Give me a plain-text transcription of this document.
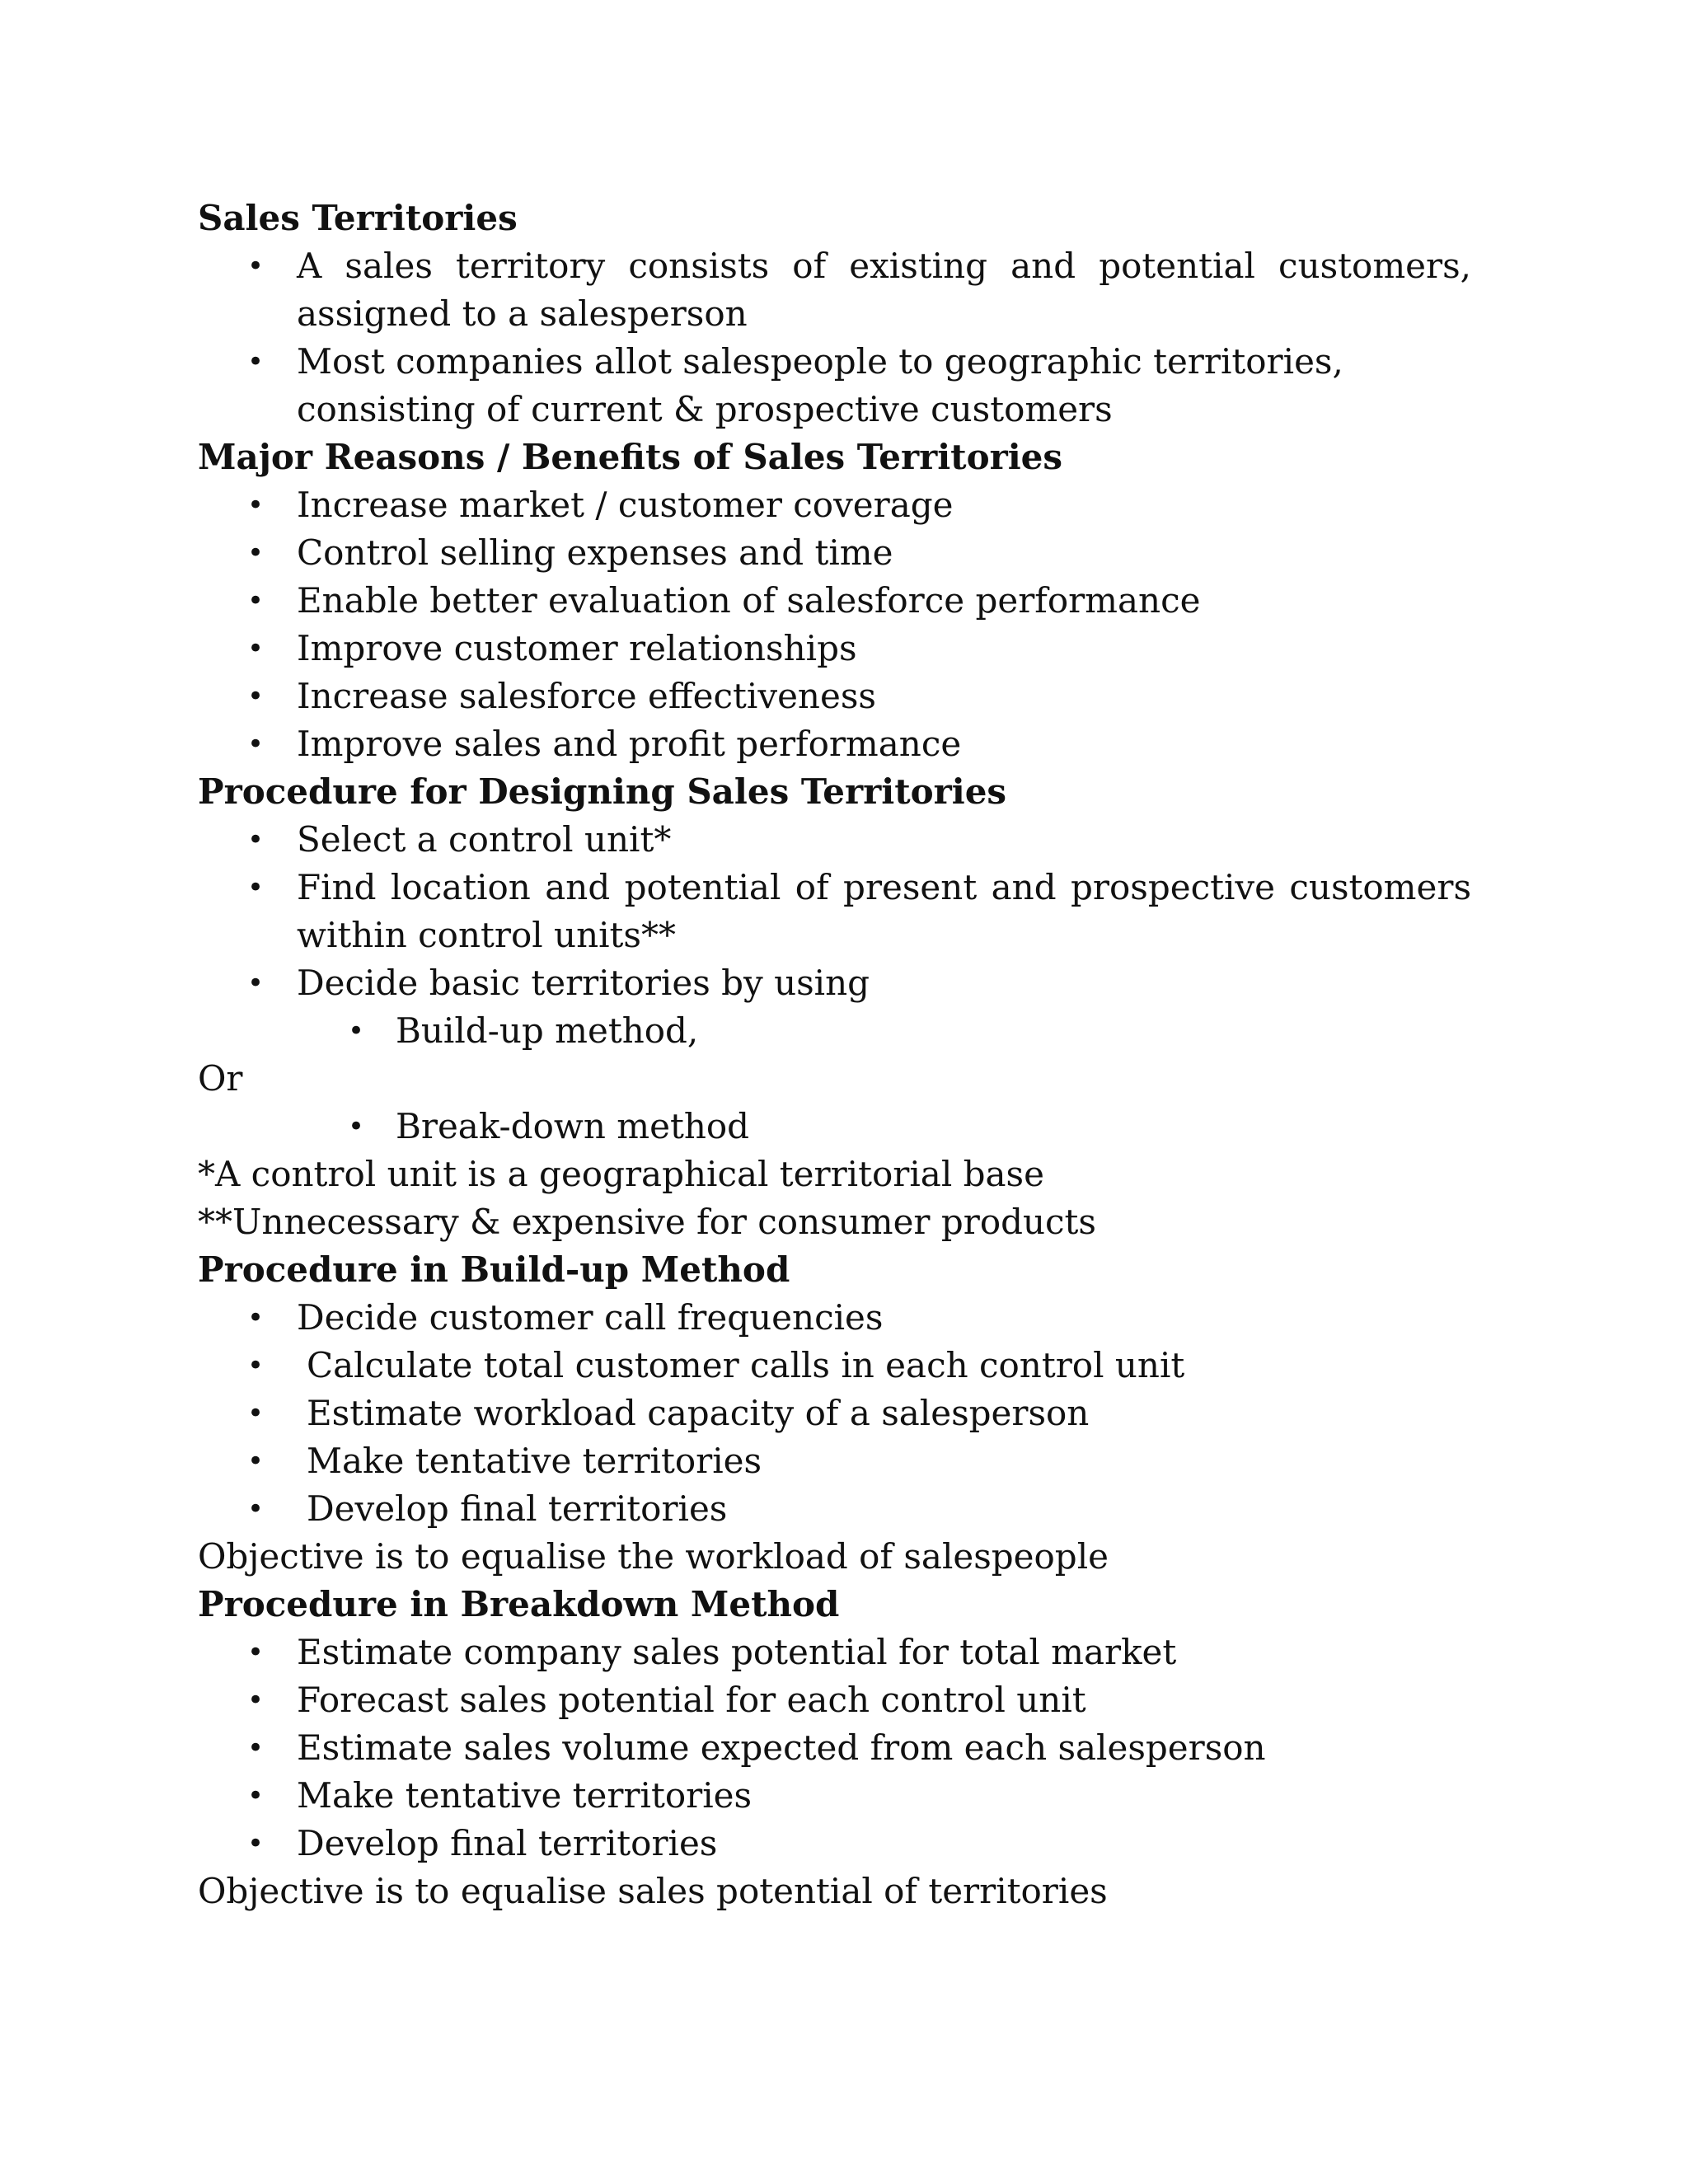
Sales Territories

• A sales territory consists of existing and potential customers, assigned to a salesperson
• Most companies allot salespeople to geographic territories, consisting of current & prospective customers

Major Reasons / Benefits of Sales Territories

• Increase market / customer coverage
• Control selling expenses and time
• Enable better evaluation of salesforce performance
• Improve customer relationships
• Increase salesforce effectiveness
• Improve sales and profit performance

Procedure for Designing Sales Territories

• Select a control unit*
• Find location and potential of present and prospective customers within control units**
• Decide basic territories by using
• Build-up method,

Or

• Break-down method

*A control unit is a geographical territorial base

**Unnecessary & expensive for consumer products

Procedure in Build-up Method

• Decide customer call frequencies
• Calculate total customer calls in each control unit
• Estimate workload capacity of a salesperson
• Make tentative territories
• Develop final territories

Objective is to equalise the workload of salespeople

Procedure in Breakdown Method

• Estimate company sales potential for total market
• Forecast sales potential for each control unit
• Estimate sales volume expected from each salesperson
• Make tentative territories
• Develop final territories

Objective is to equalise sales potential of territories
